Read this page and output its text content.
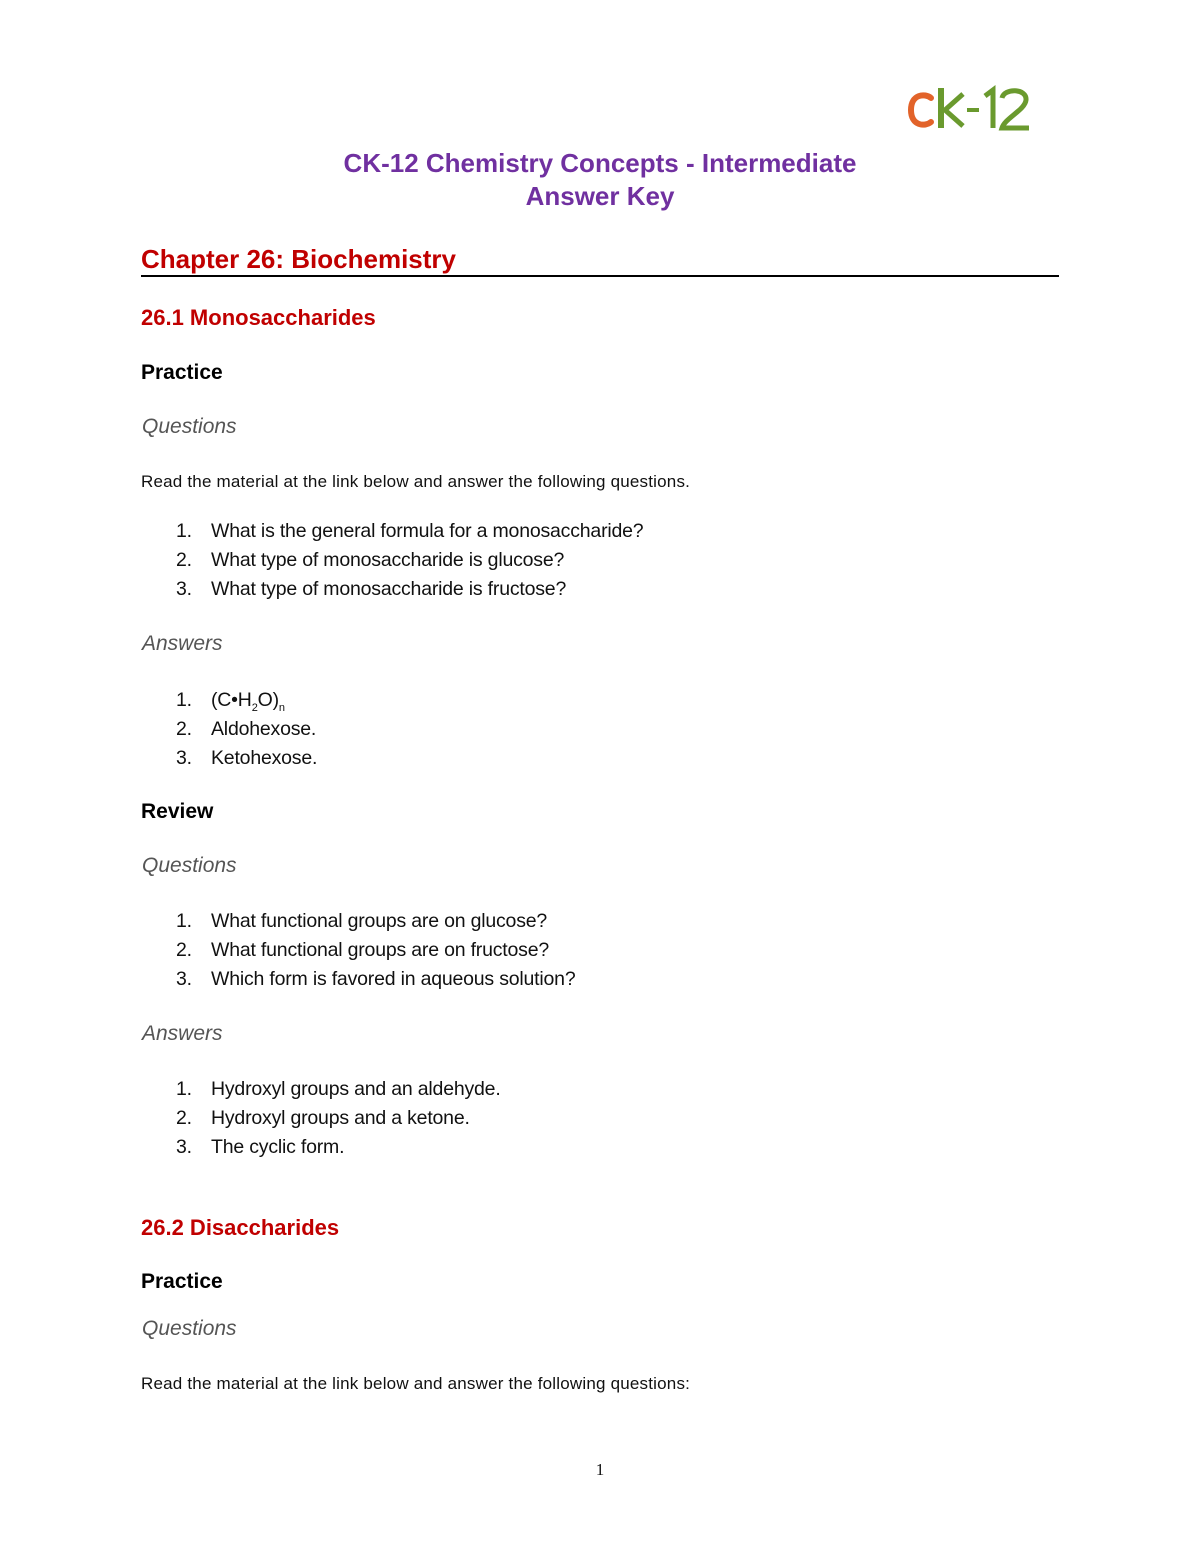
CK-12 Chemistry Concepts - Intermediate
Answer Key
Chapter 26: Biochemistry
26.1 Monosaccharides
Practice
Questions
Read the material at the link below and answer the following questions.
1. What is the general formula for a monosaccharide?
2. What type of monosaccharide is glucose?
3. What type of monosaccharide is fructose?
Answers
1. $(C•H_2O)_n$
2. Aldohexose.
3. Ketohexose.
Review
Questions
1. What functional groups are on glucose?
2. What functional groups are on fructose?
3. Which form is favored in aqueous solution?
Answers
1. Hydroxyl groups and an aldehyde.
2. Hydroxyl groups and a ketone.
3. The cyclic form.
26.2 Disaccharides
Practice
Questions
Read the material at the link below and answer the following questions:
1
